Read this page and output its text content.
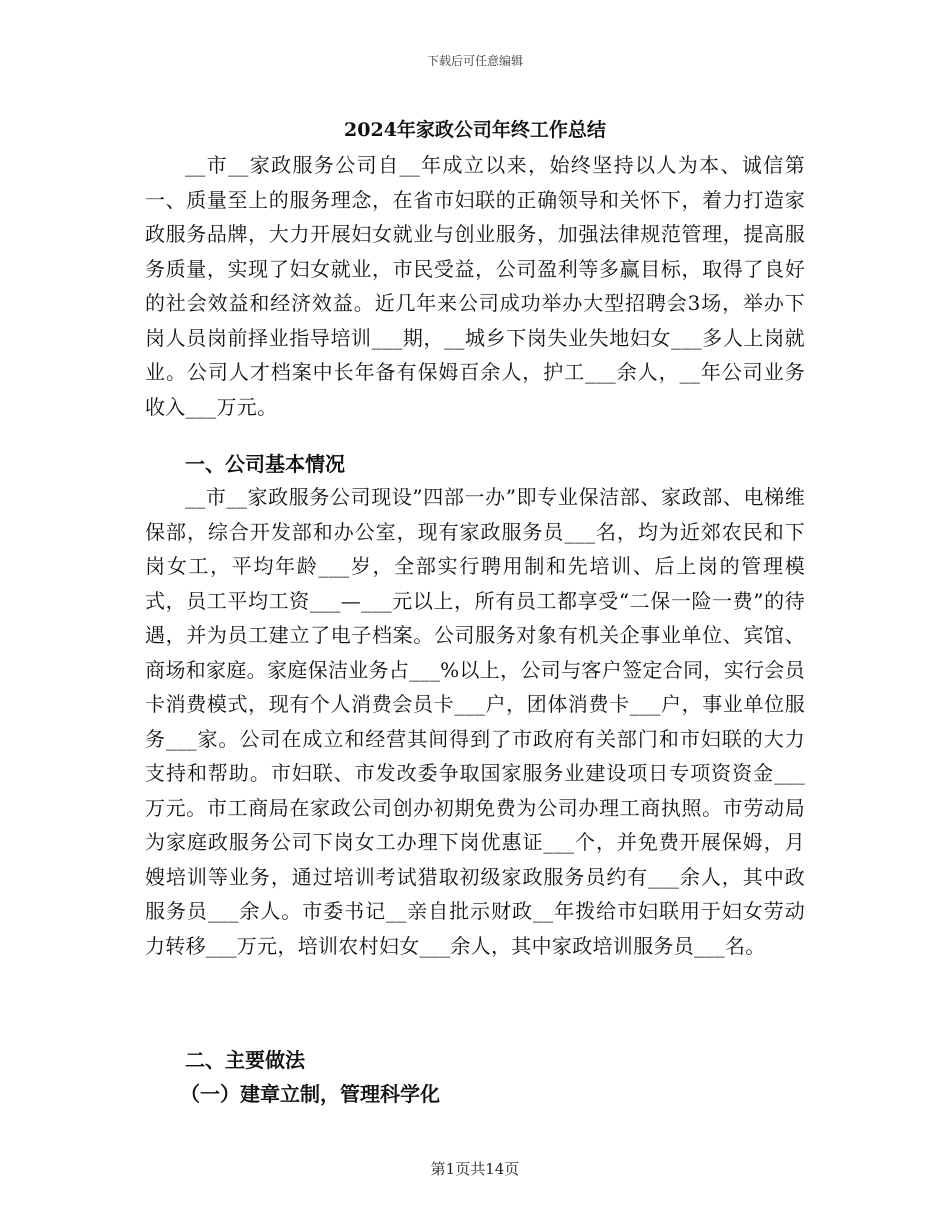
下载后可任意编辑
2024年家政公司年终工作总结

__市__家政服务公司自__年成立以来，始终坚持以人为本、诚信第一、质量至上的服务理念，在省市妇联的正确领导和关怀下，着力打造家政服务品牌，大力开展妇女就业与创业服务，加强法律规范管理，提高服务质量，实现了妇女就业，市民受益，公司盈利等多赢目标，取得了良好的社会效益和经济效益。近几年来公司成功举办大型招聘会3场，举办下岗人员岗前择业指导培训___期，__城乡下岗失业失地妇女___多人上岗就业。公司人才档案中长年备有保姆百余人，护工___余人，__年公司业务收入___万元。

一、公司基本情况

__市__家政服务公司现设”四部一办”即专业保洁部、家政部、电梯维保部，综合开发部和办公室，现有家政服务员___名，均为近郊农民和下岗女工，平均年龄___岁，全部实行聘用制和先培训、后上岗的管理模式，员工平均工资___—___元以上，所有员工都享受“二保一险一费”的待遇，并为员工建立了电子档案。公司服务对象有机关企事业单位、宾馆、商场和家庭。家庭保洁业务占___%以上，公司与客户签定合同，实行会员卡消费模式，现有个人消费会员卡___户，团体消费卡___户，事业单位服务___家。公司在成立和经营其间得到了市政府有关部门和市妇联的大力支持和帮助。市妇联、市发改委争取国家服务业建设项日专项资资金___万元。市工商局在家政公司创办初期免费为公司办理工商执照。市劳动局为家庭政服务公司下岗女工办理下岗优惠证___个，并免费开展保姆，月嫂培训等业务，通过培训考试猎取初级家政服务员约有___余人，其中政服务员___余人。市委书记__亲自批示财政__年拨给市妇联用于妇女劳动力转移___万元，培训农村妇女___余人，其中家政培训服务员___名。

二、主要做法
（一）建章立制，管理科学化
第1页共14页
